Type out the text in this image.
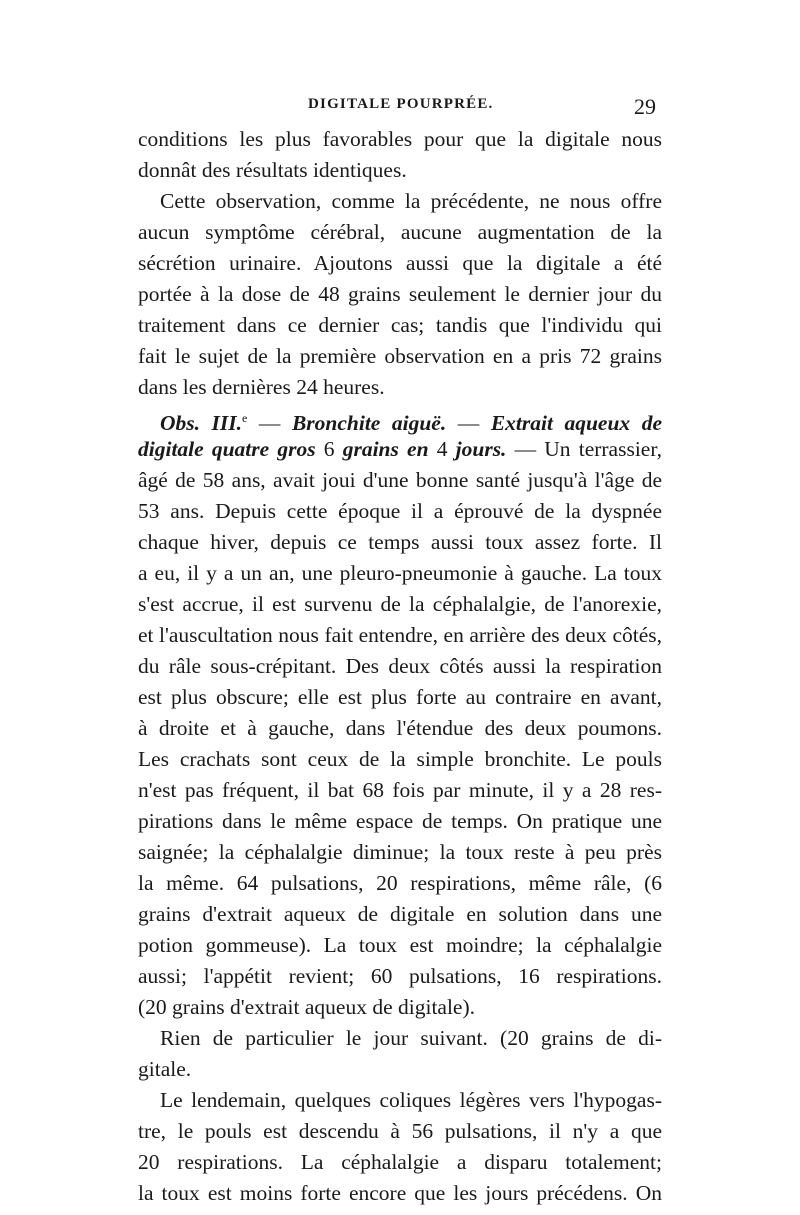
DIGITALE POURPRÉE.	29
conditions les plus favorables pour que la digitale nous
donnât des résultats identiques.
Cette observation, comme la précédente, ne nous offre
aucun symptôme cérébral, aucune augmentation de la
sécrétion urinaire. Ajoutons aussi que la digitale a été
portée à la dose de 48 grains seulement le dernier jour du
traitement dans ce dernier cas; tandis que l'individu qui
fait le sujet de la première observation en a pris 72 grains
dans les dernières 24 heures.
Obs. III.$^e$ — Bronchite aiguë. — Extrait aqueux de
digitale quatre gros 6 grains en 4 jours. — Un terrassier,
âgé de 58 ans, avait joui d'une bonne santé jusqu'à l'âge de
53 ans. Depuis cette époque il a éprouvé de la dyspnée
chaque hiver, depuis ce temps aussi toux assez forte. Il
a eu, il y a un an, une pleuro-pneumonie à gauche. La toux
s'est accrue, il est survenu de la céphalalgie, de l'anorexie,
et l'auscultation nous fait entendre, en arrière des deux côtés,
du râle sous-crépitant. Des deux côtés aussi la respiration
est plus obscure; elle est plus forte au contraire en avant,
à droite et à gauche, dans l'étendue des deux poumons.
Les crachats sont ceux de la simple bronchite. Le pouls
n'est pas fréquent, il bat 68 fois par minute, il y a 28 res-
pirations dans le même espace de temps. On pratique une
saignée; la céphalalgie diminue; la toux reste à peu près
la même. 64 pulsations, 20 respirations, même râle, (6
grains d'extrait aqueux de digitale en solution dans une
potion gommeuse). La toux est moindre; la céphalalgie
aussi; l'appétit revient; 60 pulsations, 16 respirations.
(20 grains d'extrait aqueux de digitale).
Rien de particulier le jour suivant. (20 grains de di-
gitale.
Le lendemain, quelques coliques légères vers l'hypogas-
tre, le pouls est descendu à 56 pulsations, il n'y a que
20 respirations. La céphalalgie a disparu totalement;
la toux est moins forte encore que les jours précédens. On
